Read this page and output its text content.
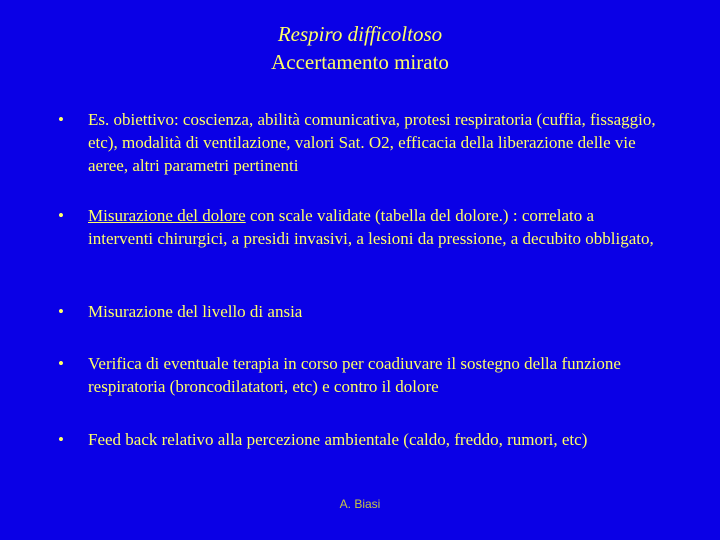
Respiro difficoltoso
Accertamento mirato
• Es. obiettivo: coscienza, abilità comunicativa, protesi respiratoria (cuffia, fissaggio, etc), modalità di ventilazione, valori Sat. O2, efficacia della liberazione delle vie aeree, altri parametri pertinenti
• Misurazione del dolore con scale validate (tabella del dolore.) : correlato a interventi chirurgici, a presidi invasivi, a lesioni da pressione, a decubito obbligato,
• Misurazione del livello di ansia
• Verifica di eventuale terapia in corso per coadiuvare il sostegno della funzione respiratoria (broncodilatatori, etc) e contro il dolore
• Feed back relativo alla percezione ambientale (caldo, freddo, rumori, etc)
A. Biasi
